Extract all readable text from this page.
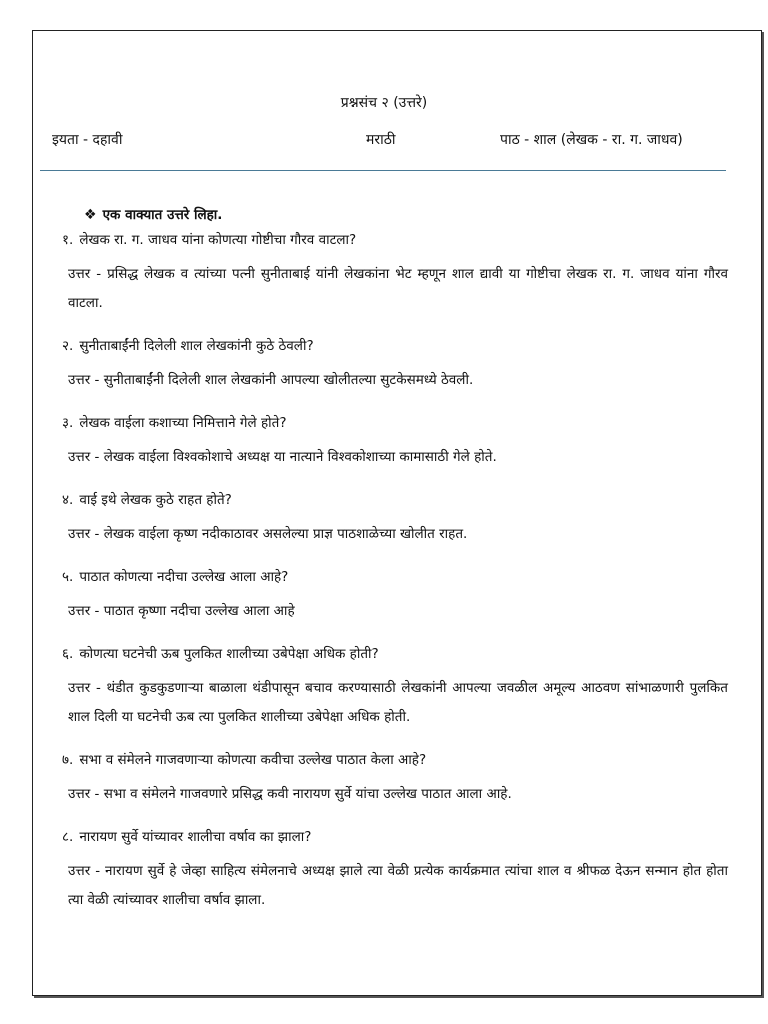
प्रश्नसंच २ (उत्तरे)
इयता - दहावी	मराठी	पाठ - शाल (लेखक - रा. ग. जाधव)
❖ एक वाक्यात उत्तरे लिहा.
१. लेखक रा. ग. जाधव यांना कोणत्या गोष्टीचा गौरव वाटला?
उत्तर - प्रसिद्ध लेखक व त्यांच्या पत्नी सुनीताबाई यांनी लेखकांना भेट म्हणून शाल द्यावी या गोष्टीचा लेखक रा. ग. जाधव यांना गौरव वाटला.
२. सुनीताबाईंनी दिलेली शाल लेखकांनी कुठे ठेवली?
उत्तर - सुनीताबाईंनी दिलेली शाल लेखकांनी आपल्या खोलीतल्या सुटकेसमध्ये ठेवली.
३. लेखक वाईला कशाच्या निमित्ताने गेले होते?
उत्तर - लेखक वाईला विश्वकोशाचे अध्यक्ष या नात्याने विश्वकोशाच्या कामासाठी गेले होते.
४. वाई इथे लेखक कुठे राहत होते?
उत्तर - लेखक वाईला कृष्ण नदीकाठावर असलेल्या प्राज्ञ पाठशाळेच्या खोलीत राहत.
५. पाठात कोणत्या नदीचा उल्लेख आला आहे?
उत्तर - पाठात कृष्णा नदीचा उल्लेख आला आहे
६. कोणत्या घटनेची ऊब पुलकित शालीच्या उबेपेक्षा अधिक होती?
उत्तर - थंडीत कुडकुडणाऱ्या बाळाला थंडीपासून बचाव करण्यासाठी लेखकांनी आपल्या जवळील अमूल्य आठवण सांभाळणारी पुलकित शाल दिली या घटनेची ऊब त्या पुलकित शालीच्या उबेपेक्षा अधिक होती.
७. सभा व संमेलने गाजवणाऱ्या कोणत्या कवीचा उल्लेख पाठात केला आहे?
उत्तर - सभा व संमेलने गाजवणारे प्रसिद्ध कवी नारायण सुर्वे यांचा उल्लेख पाठात आला आहे.
८. नारायण सुर्वे यांच्यावर शालीचा वर्षाव का झाला?
उत्तर - नारायण सुर्वे हे जेव्हा साहित्य संमेलनाचे अध्यक्ष झाले त्या वेळी प्रत्येक कार्यक्रमात त्यांचा शाल व श्रीफळ देऊन सन्मान होत होता त्या वेळी त्यांच्यावर शालीचा वर्षाव झाला.
